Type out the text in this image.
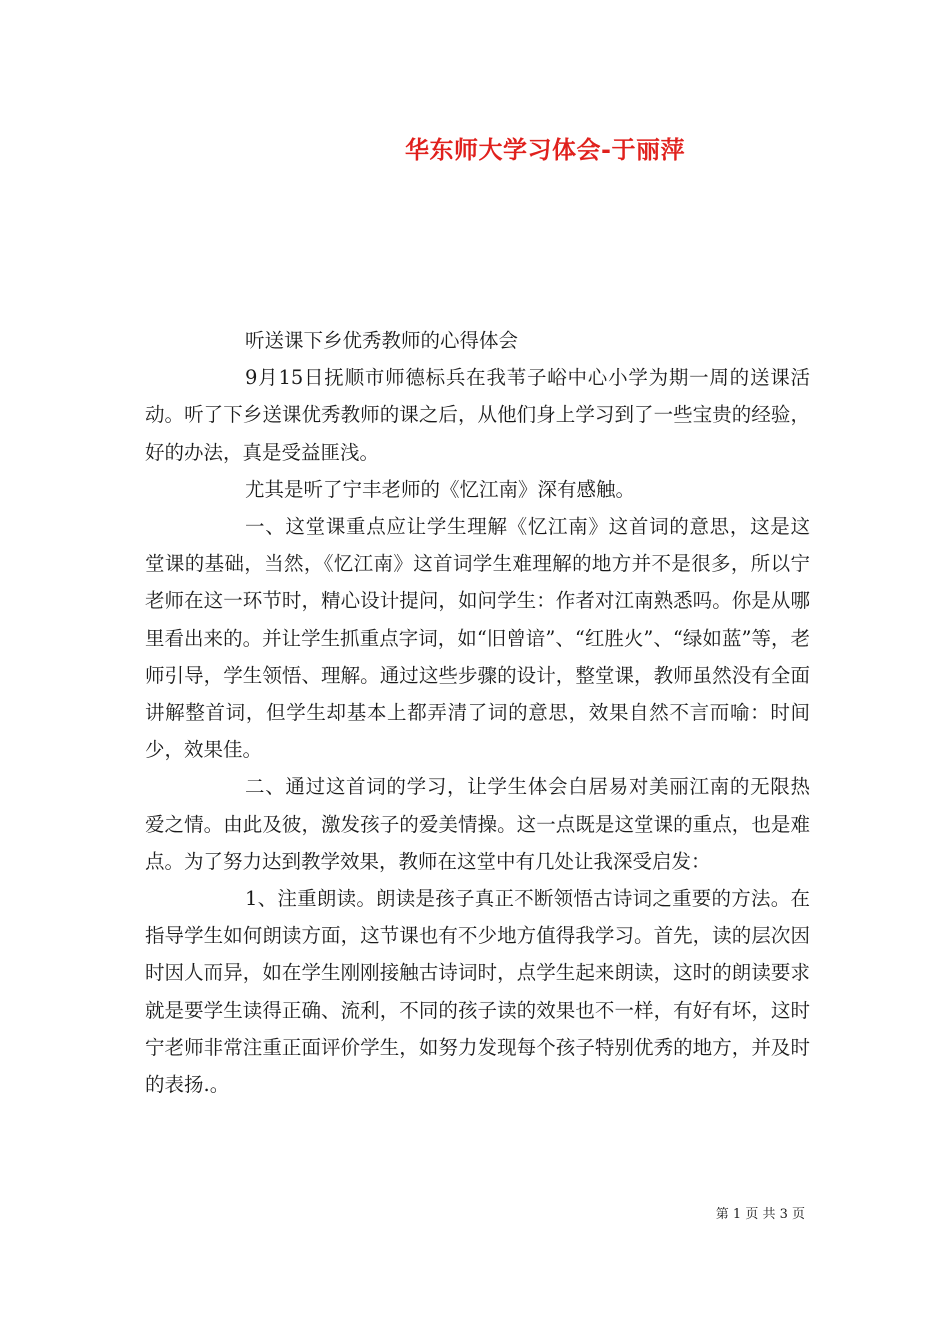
华东师大学习体会-于丽萍

听送课下乡优秀教师的心得体会

9月15日抚顺市师德标兵在我苇子峪中心小学为期一周的送课活动。听了下乡送课优秀教师的课之后，从他们身上学习到了一些宝贵的经验，好的办法，真是受益匪浅。

尤其是听了宁丰老师的《忆江南》深有感触。

一、这堂课重点应让学生理解《忆江南》这首词的意思，这是这堂课的基础，当然，《忆江南》这首词学生难理解的地方并不是很多，所以宁老师在这一环节时，精心设计提问，如问学生：作者对江南熟悉吗。你是从哪里看出来的。并让学生抓重点字词，如“旧曾谙”、“红胜火”、“绿如蓝”等，老师引导，学生领悟、理解。通过这些步骤的设计，整堂课，教师虽然没有全面讲解整首词，但学生却基本上都弄清了词的意思，效果自然不言而喻：时间少，效果佳。

二、通过这首词的学习，让学生体会白居易对美丽江南的无限热爱之情。由此及彼，激发孩子的爱美情操。这一点既是这堂课的重点，也是难点。为了努力达到教学效果，教师在这堂中有几处让我深受启发：

1、注重朗读。朗读是孩子真正不断领悟古诗词之重要的方法。在指导学生如何朗读方面，这节课也有不少地方值得我学习。首先，读的层次因时因人而异，如在学生刚刚接触古诗词时，点学生起来朗读，这时的朗读要求就是要学生读得正确、流利，不同的孩子读的效果也不一样，有好有坏，这时宁老师非常注重正面评价学生，如努力发现每个孩子特别优秀的地方，并及时的表扬.。

第 1 页 共 3 页
